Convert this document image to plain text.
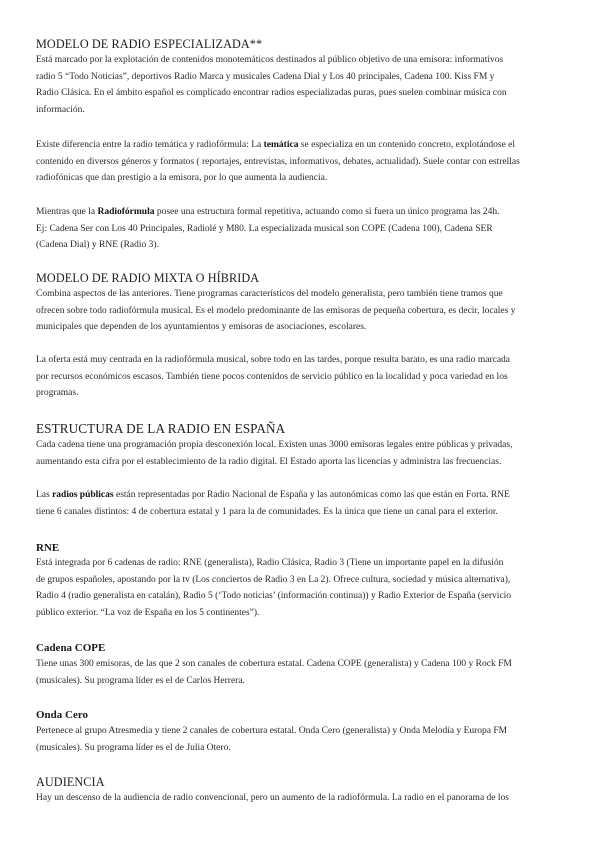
MODELO DE RADIO ESPECIALIZADA**
Está marcado por la explotación de contenidos monotemáticos destinados al público objetivo de una emisora: informativos
radio 5 “Todo Noticias”, deportivos Radio Marca y musicales Cadena Dial y Los 40 principales, Cadena 100. Kiss FM y
Radio Clásica. En el ámbito español es complicado encontrar radios especializadas puras, pues suelen combinar música con
información.
Existe diferencia entre la radio temática y radiofórmula: La temática se especializa en un contenido concreto, explotándose el
contenido en diversos géneros y formatos ( reportajes, entrevistas, informativos, debates, actualidad). Suele contar con estrellas
radiofónicas que dan prestigio a la emisora, por lo que aumenta la audiencia.
Mientras que la Radiofórmula posee una estructura formal repetitiva, actuando como si fuera un único programa las 24h.
Ej: Cadena Ser con Los 40 Principales, Radiolé y M80. La especializada musical son COPE (Cadena 100), Cadena SER
(Cadena Dial) y RNE (Radio 3).
MODELO DE RADIO MIXTA O HÍBRIDA
Combina aspectos de las anteriores. Tiene programas característicos del modelo generalista, pero también tiene tramos que
ofrecen sobre todo radiofórmula musical. Es el modelo predominante de las emisoras de pequeña cobertura, es decir, locales y
municipales que dependen de los ayuntamientos y emisoras de asociaciones, escolares.
La oferta está muy centrada en la radiofórmula musical, sobre todo en las tardes, porque resulta barato, es una radio marcada
por recursos económicos escasos. También tiene pocos contenidos de servicio público en la localidad y poca variedad en los
programas.
ESTRUCTURA DE LA RADIO EN ESPAÑA
Cada cadena tiene una programación propia desconexión local. Existen unas 3000 emisoras legales entre públicas y privadas,
aumentando esta cifra por el establecimiento de la radio digital. El Estado aporta las licencias y administra las frecuencias.
Las radios públicas están representadas por Radio Nacional de España y las autonómicas como las que están en Forta. RNE
tiene 6 canales distintos: 4 de cobertura estatal y 1 para la de comunidades. Es la única que tiene un canal para el exterior.
RNE
Está integrada por 6 cadenas de radio: RNE (generalista), Radio Clásica, Radio 3 (Tiene un importante papel en la difusión
de grupos españoles, apostando por la tv (Los conciertos de Radio 3 en La 2). Ofrece cultura, sociedad y música alternativa),
Radio 4 (radio generalista en catalán), Radio 5 (‘Todo noticias’ (información continua)) y Radio Exterior de España (servicio
público exterior. “La voz de España en los 5 continentes”).
Cadena COPE
Tiene unas 300 emisoras, de las que 2 son canales de cobertura estatal. Cadena COPE (generalista) y Cadena 100 y Rock FM
(musicales). Su programa líder es el de Carlos Herrera.
Onda Cero
Pertenece al grupo Atresmedia y tiene 2 canales de cobertura estatal. Onda Cero (generalista) y Onda Melodía y Europa FM
(musicales). Su programa líder es el de Julia Otero.
AUDIENCIA
Hay un descenso de la audiencia de radio convencional, pero un aumento de la radiofórmula. La radio en el panorama de los
